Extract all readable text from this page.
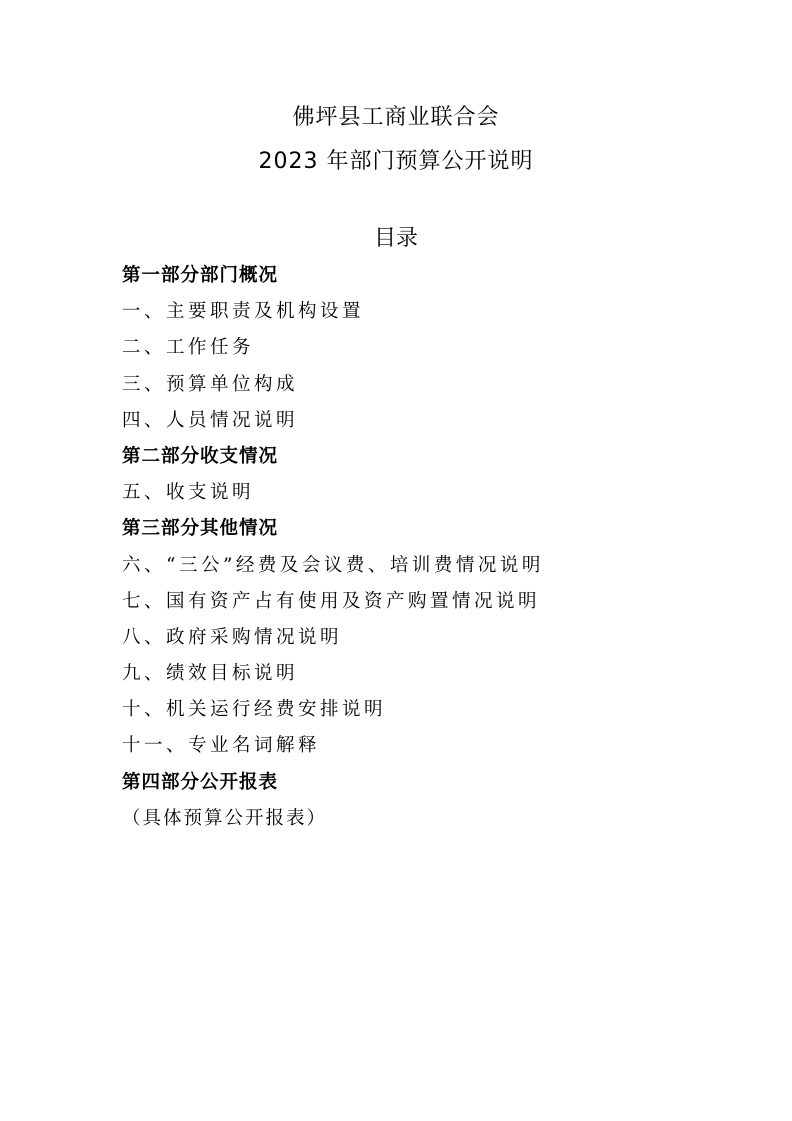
佛坪县工商业联合会
2023 年部门预算公开说明
目录
第一部分部门概况
一、主要职责及机构设置
二、工作任务
三、预算单位构成
四、人员情况说明
第二部分收支情况
五、收支说明
第三部分其他情况
六、“三公”经费及会议费、培训费情况说明
七、国有资产占有使用及资产购置情况说明
八、政府采购情况说明
九、绩效目标说明
十、机关运行经费安排说明
十一、专业名词解释
第四部分公开报表
（具体预算公开报表）
